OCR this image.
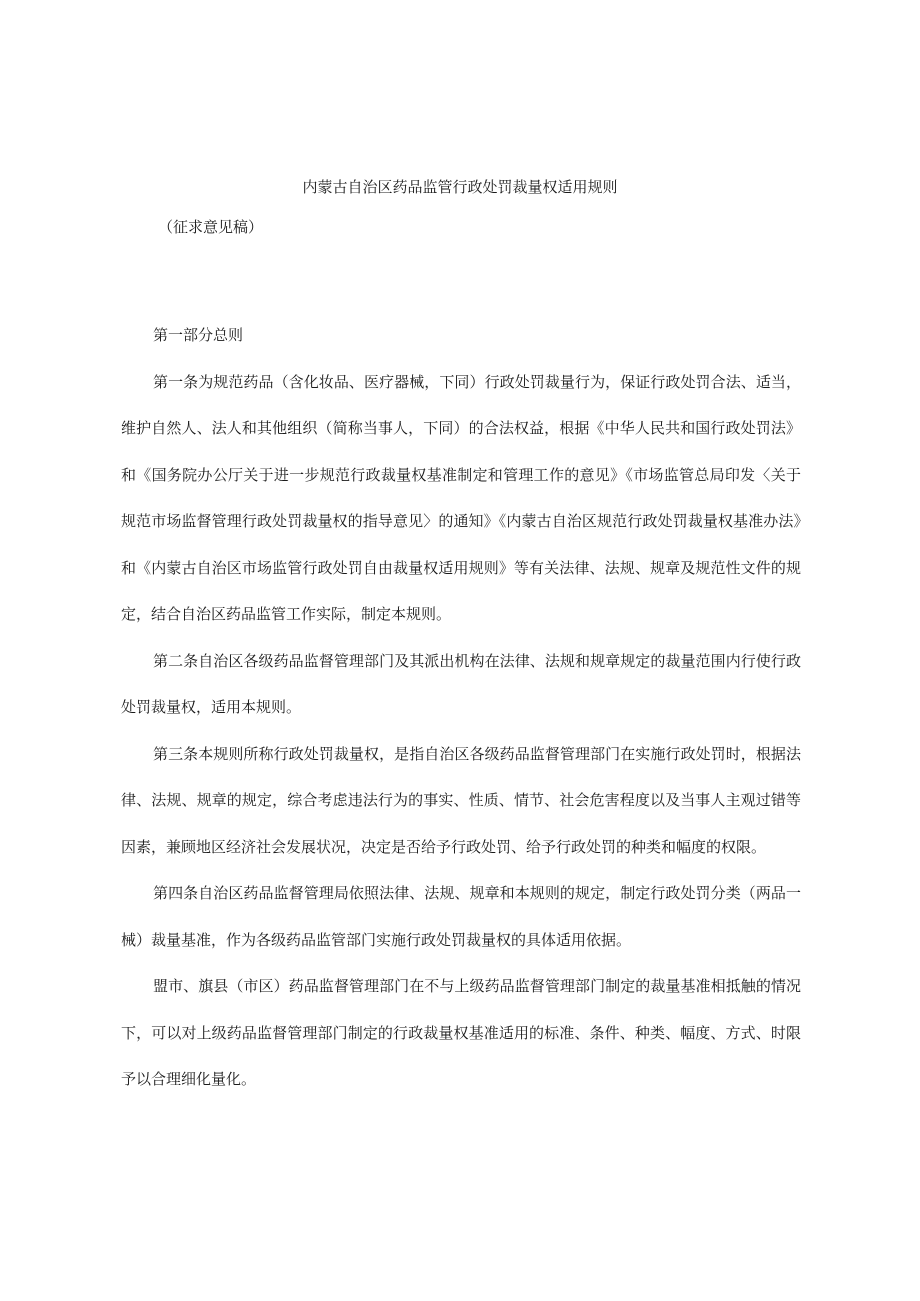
内蒙古自治区药品监管行政处罚裁量权适用规则
（征求意见稿）

第一部分总则

第一条为规范药品（含化妆品、医疗器械，下同）行政处罚裁量行为，保证行政处罚合法、适当，维护自然人、法人和其他组织（简称当事人，下同）的合法权益，根据《中华人民共和国行政处罚法》和《国务院办公厅关于进一步规范行政裁量权基准制定和管理工作的意见》《市场监管总局印发〈关于规范市场监督管理行政处罚裁量权的指导意见〉的通知》《内蒙古自治区规范行政处罚裁量权基准办法》和《内蒙古自治区市场监管行政处罚自由裁量权适用规则》等有关法律、法规、规章及规范性文件的规定，结合自治区药品监管工作实际，制定本规则。

第二条自治区各级药品监督管理部门及其派出机构在法律、法规和规章规定的裁量范围内行使行政处罚裁量权，适用本规则。

第三条本规则所称行政处罚裁量权，是指自治区各级药品监督管理部门在实施行政处罚时，根据法律、法规、规章的规定，综合考虑违法行为的事实、性质、情节、社会危害程度以及当事人主观过错等因素，兼顾地区经济社会发展状况，决定是否给予行政处罚、给予行政处罚的种类和幅度的权限。

第四条自治区药品监督管理局依照法律、法规、规章和本规则的规定，制定行政处罚分类（两品一械）裁量基准，作为各级药品监管部门实施行政处罚裁量权的具体适用依据。

盟市、旗县（市区）药品监督管理部门在不与上级药品监督管理部门制定的裁量基准相抵触的情况下，可以对上级药品监督管理部门制定的行政裁量权基准适用的标准、条件、种类、幅度、方式、时限予以合理细化量化。
